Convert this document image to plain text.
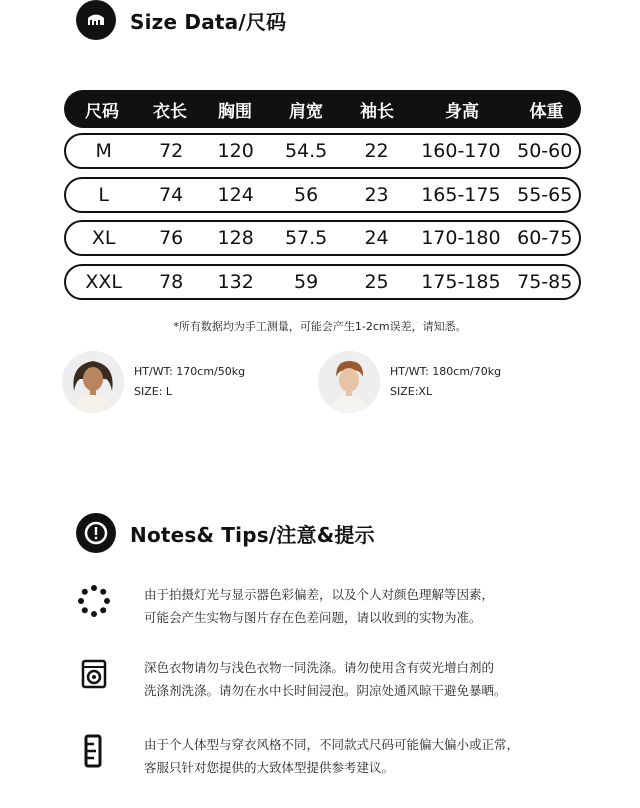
Size Data/尺码
尺码	衣长	胸围	肩宽	袖长	身高	体重
M	72	120	54.5	22	160-170 50-60
L	74	124	56	23	165-175 55-65
XL	76	128	57.5	24	170-180 60-75
XXL	78	132	59	25	175-185 75-85
*所有数据均为手工测量，可能会产生1-2cm误差，请知悉。
HT/WT: 170cm/50kg
SIZE: L
HT/WT: 180cm/70kg
SIZE:XL
Notes& Tips/注意&提示
由于拍摄灯光与显示器色彩偏差，以及个人对颜色理解等因素，
可能会产生实物与图片存在色差问题，请以收到的实物为准。
深色衣物请勿与浅色衣物一同洗涤。请勿使用含有荧光增白剂的
洗涤剂洗涤。请勿在水中长时间浸泡。阴凉处通风晾干避免暴晒。
由于个人体型与穿衣风格不同，不同款式尺码可能偏大偏小或正常，
客服只针对您提供的大致体型提供参考建议。
